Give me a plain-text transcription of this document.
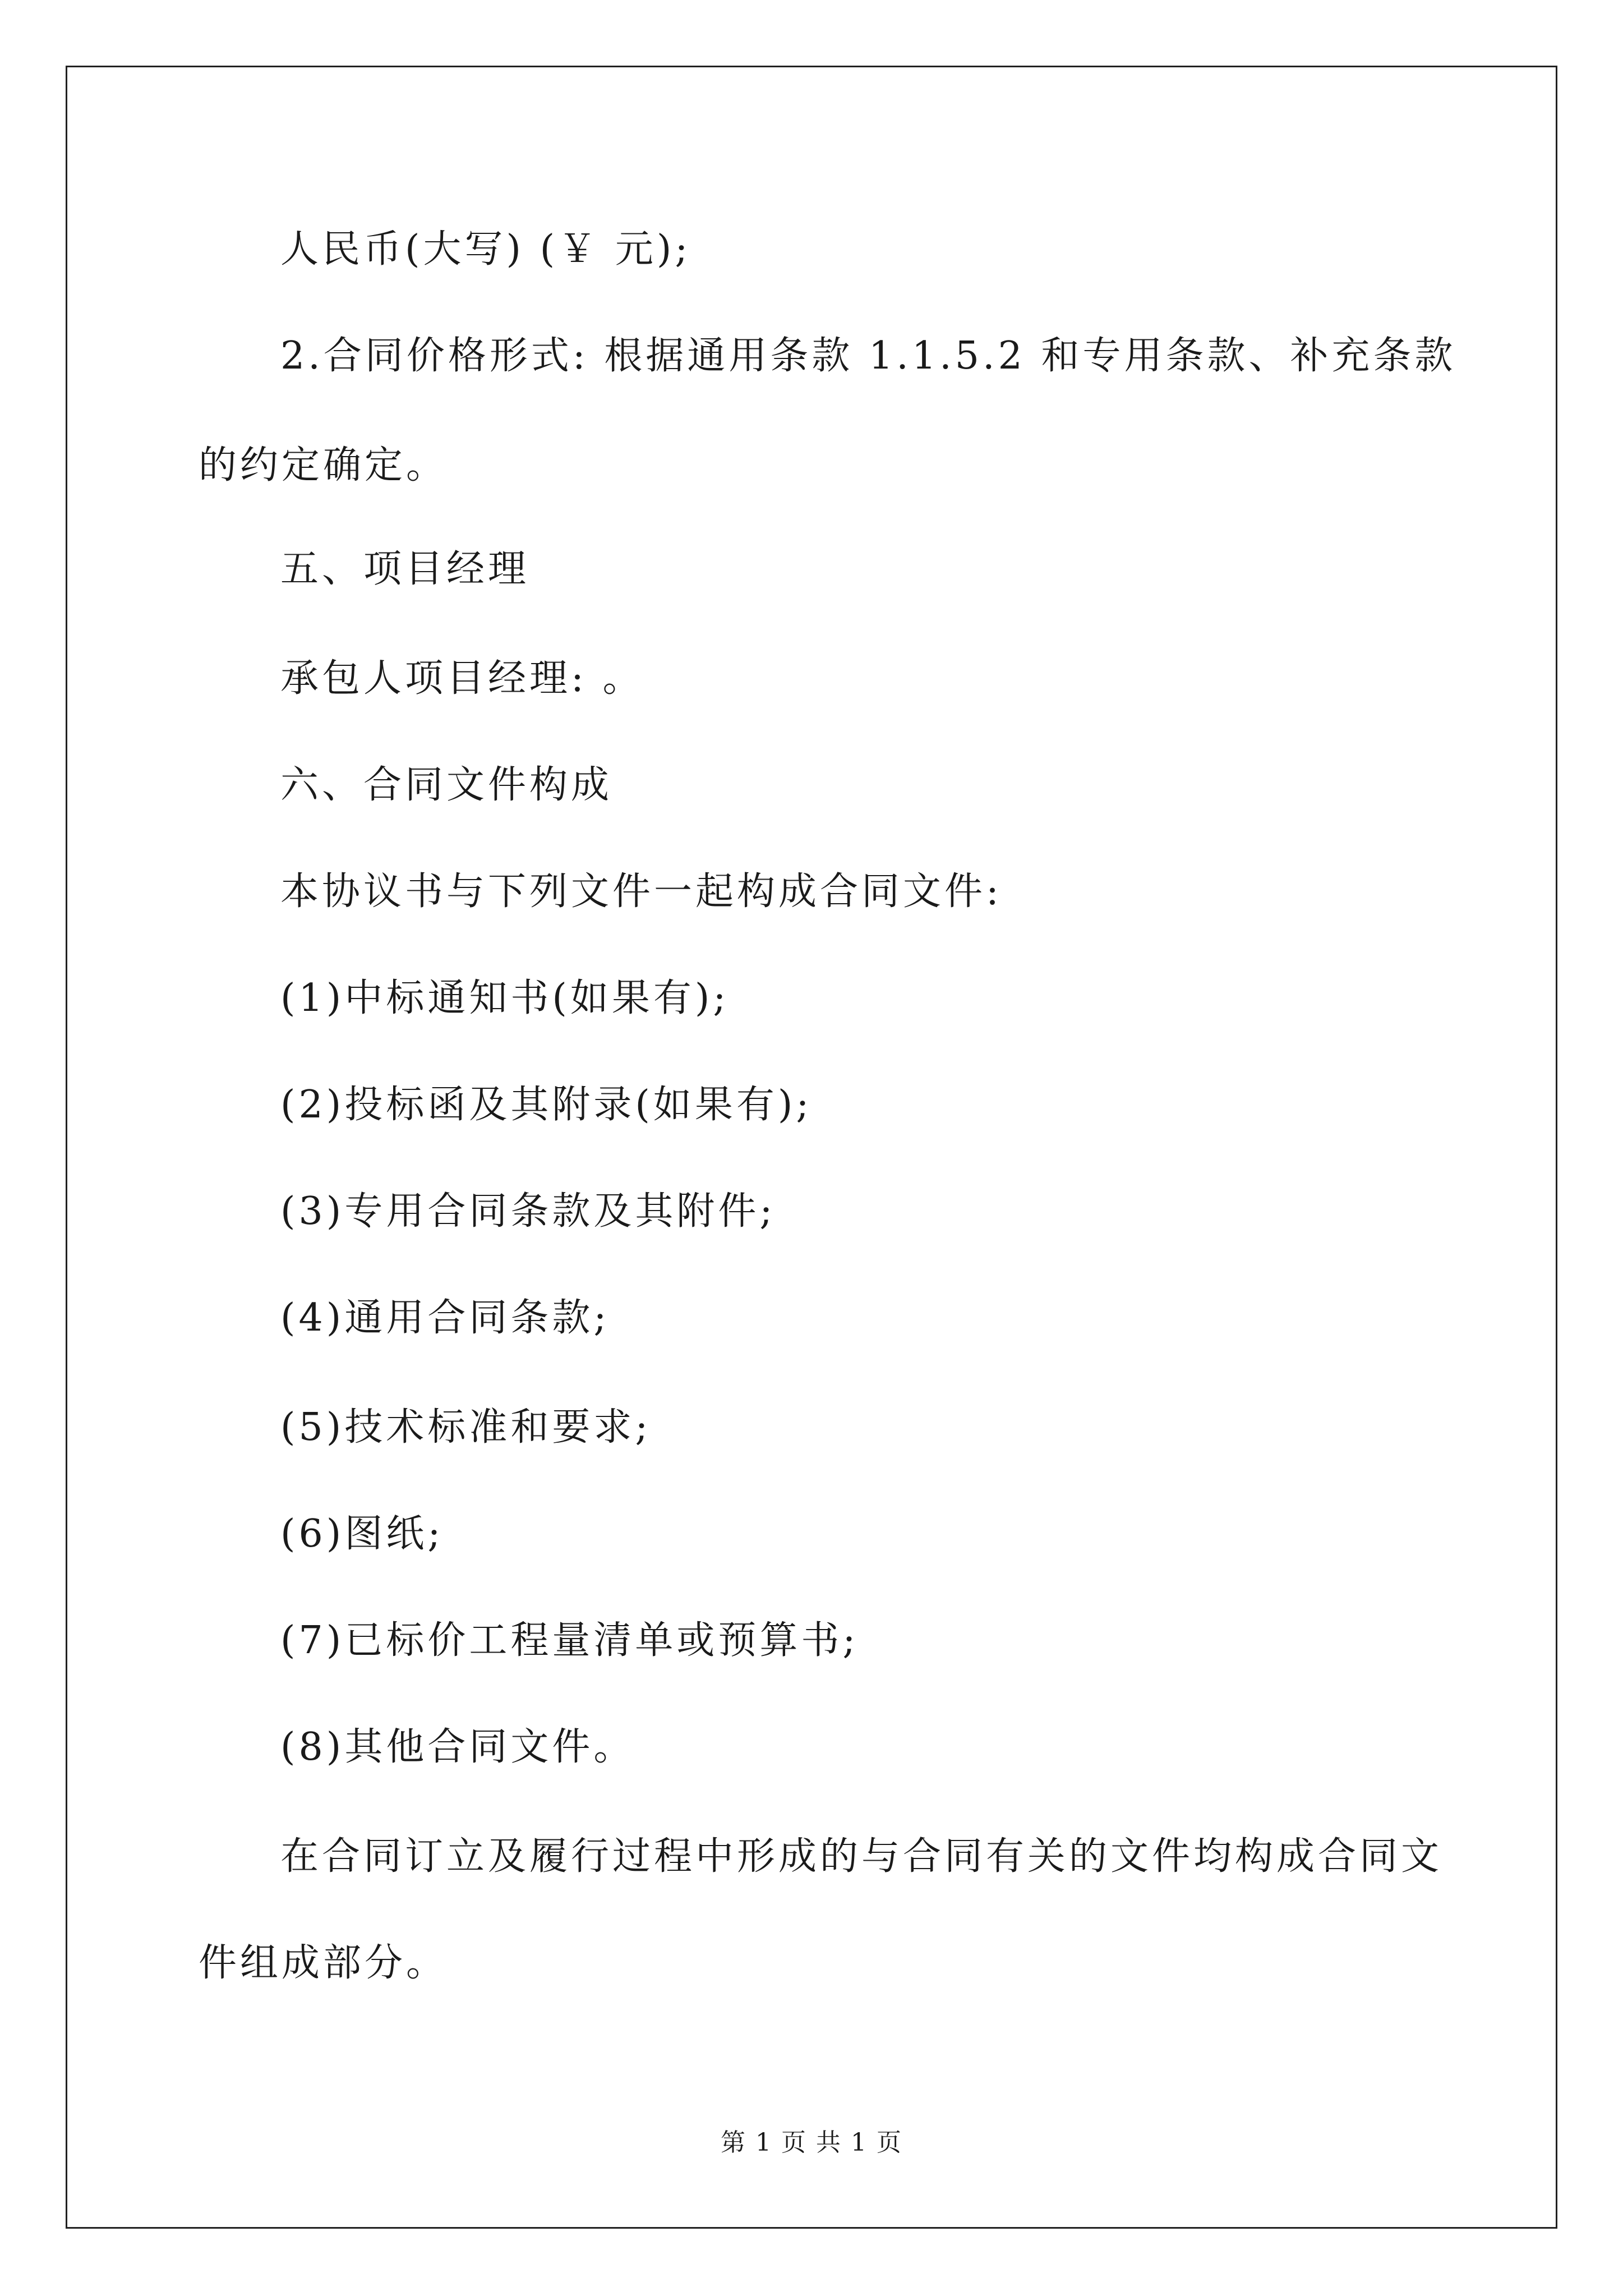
人民币(大写) (￥ 元);
2.合同价格形式: 根据通用条款 1.1.5.2 和专用条款、补充条款
的约定确定。
五、项目经理
承包人项目经理: 。
六、合同文件构成
本协议书与下列文件一起构成合同文件:
(1)中标通知书(如果有);
(2)投标函及其附录(如果有);
(3)专用合同条款及其附件;
(4)通用合同条款;
(5)技术标准和要求;
(6)图纸;
(7)已标价工程量清单或预算书;
(8)其他合同文件。
在合同订立及履行过程中形成的与合同有关的文件均构成合同文
件组成部分。
第 1 页 共 1 页
